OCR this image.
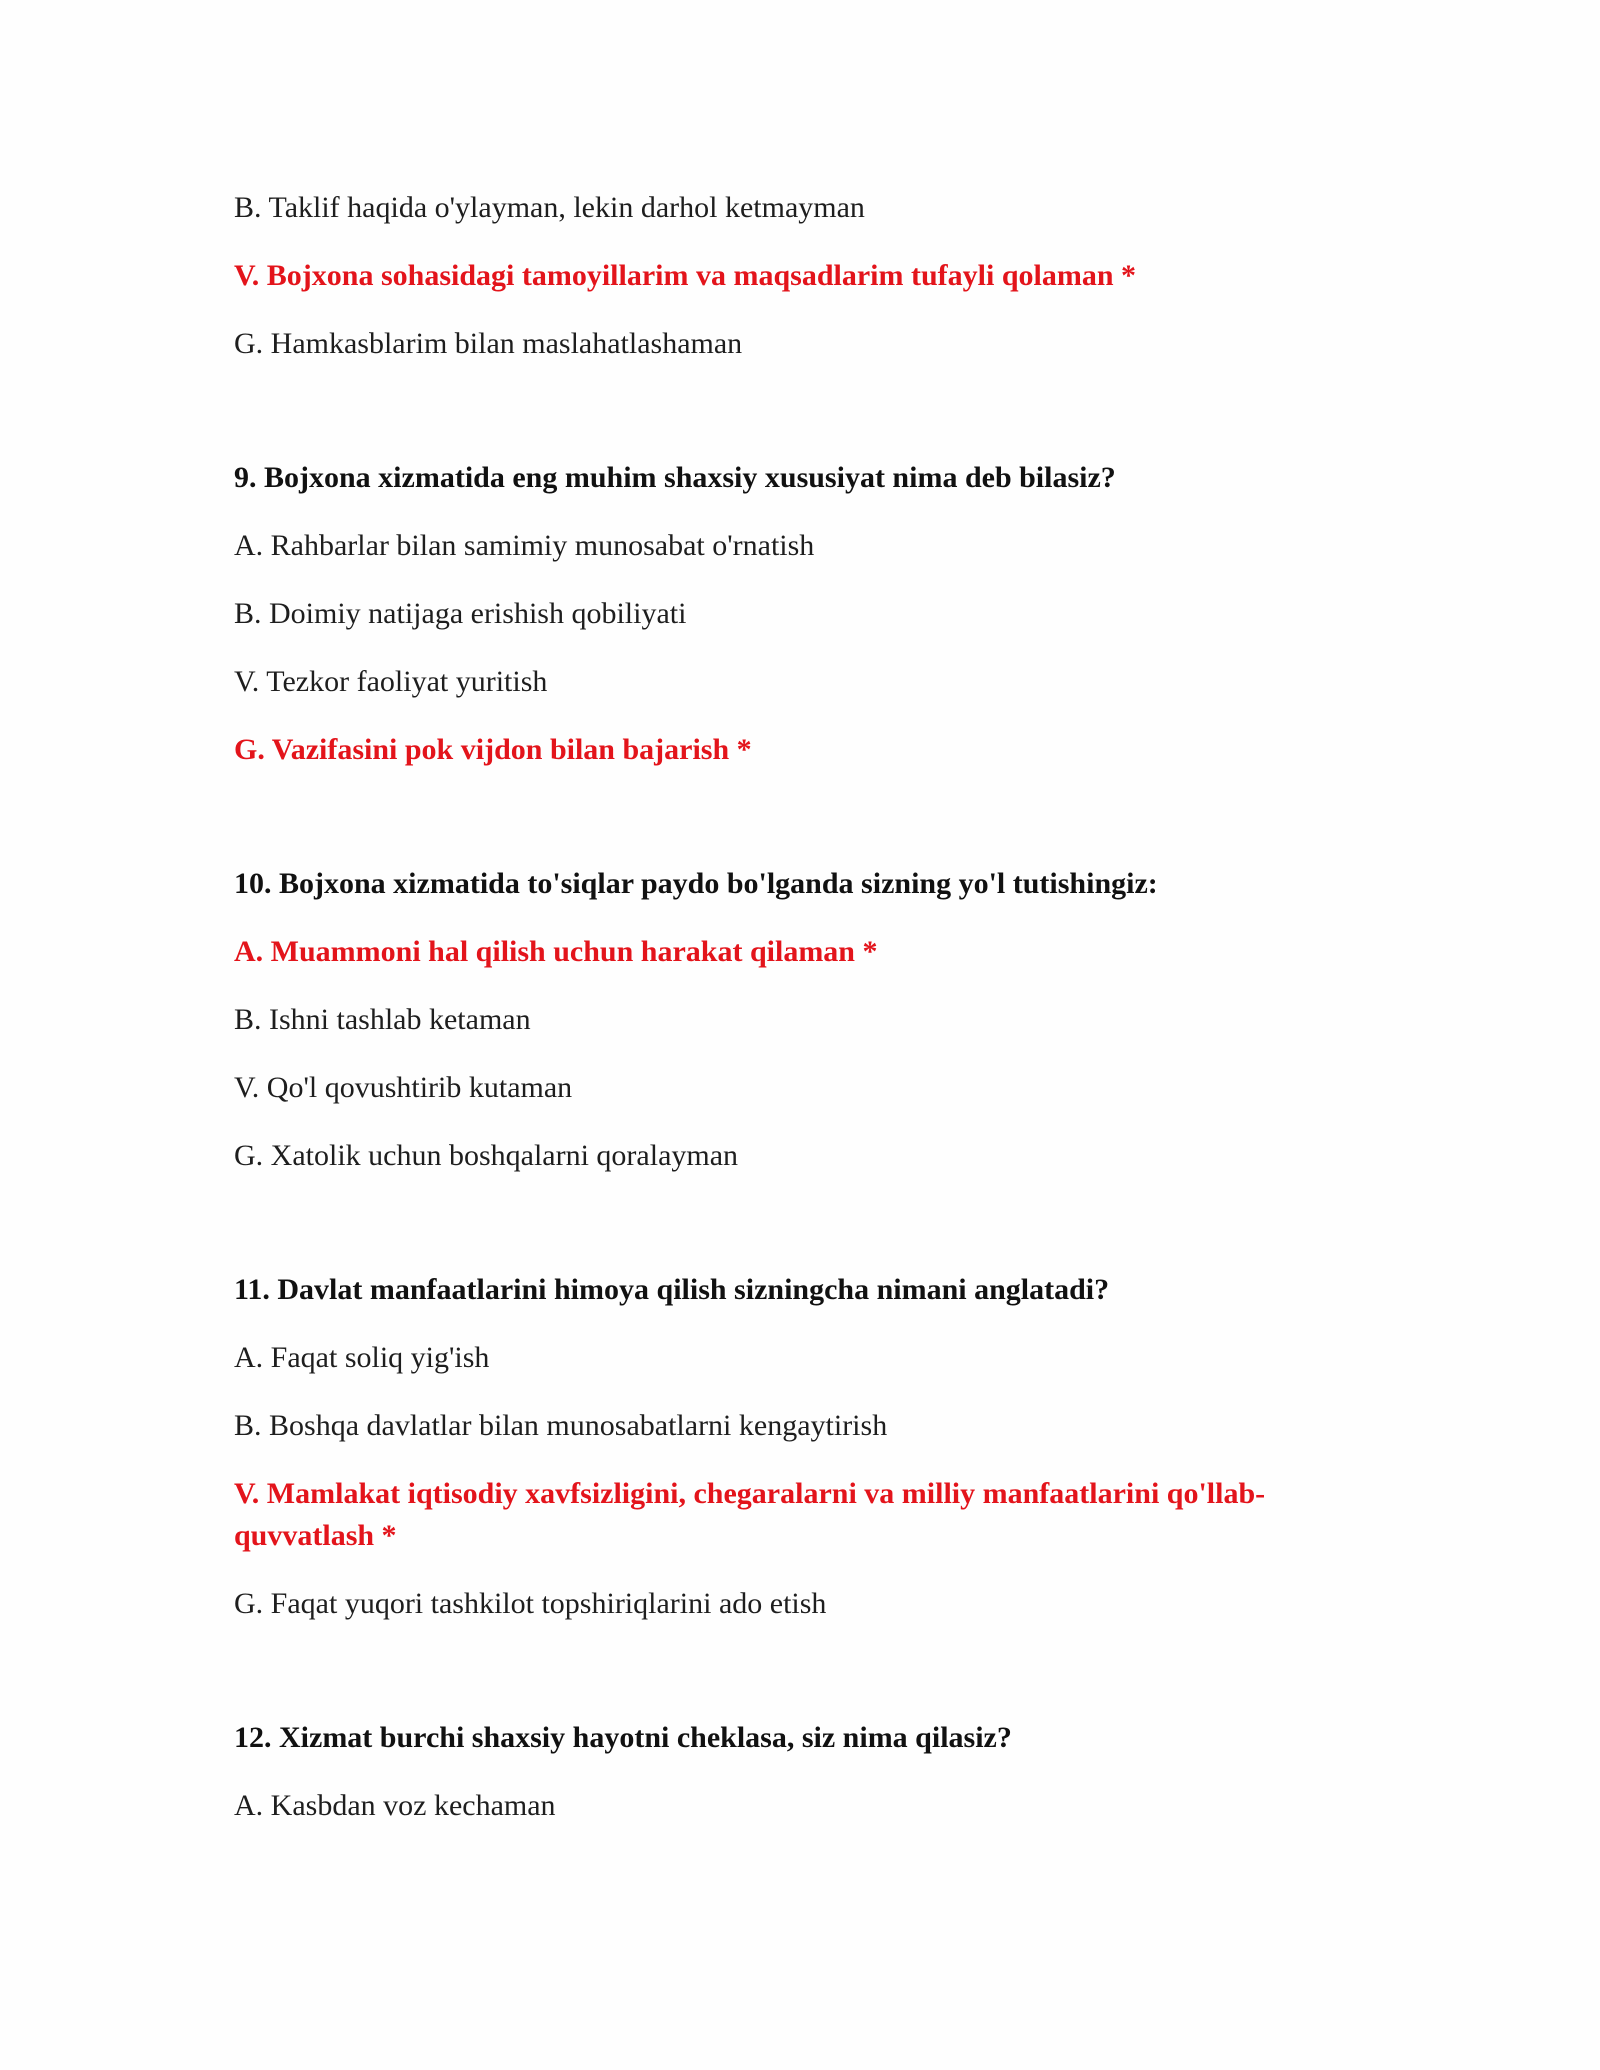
B. Taklif haqida o'ylayman, lekin darhol ketmayman
V. Bojxona sohasidagi tamoyillarim va maqsadlarim tufayli qolaman *
G. Hamkasblarim bilan maslahatlashaman
9. Bojxona xizmatida eng muhim shaxsiy xususiyat nima deb bilasiz?
A. Rahbarlar bilan samimiy munosabat o'rnatish
B. Doimiy natijaga erishish qobiliyati
V. Tezkor faoliyat yuritish
G. Vazifasini pok vijdon bilan bajarish *
10. Bojxona xizmatida to'siqlar paydo bo'lganda sizning yo'l tutishingiz:
A. Muammoni hal qilish uchun harakat qilaman *
B. Ishni tashlab ketaman
V. Qo'l qovushtirib kutaman
G. Xatolik uchun boshqalarni qoralayman
11. Davlat manfaatlarini himoya qilish sizningcha nimani anglatadi?
A. Faqat soliq yig'ish
B. Boshqa davlatlar bilan munosabatlarni kengaytirish
V. Mamlakat iqtisodiy xavfsizligini, chegaralarni va milliy manfaatlarini qo'llab-quvvatlash *
G. Faqat yuqori tashkilot topshiriqlarini ado etish
12. Xizmat burchi shaxsiy hayotni cheklasa, siz nima qilasiz?
A. Kasbdan voz kechaman
